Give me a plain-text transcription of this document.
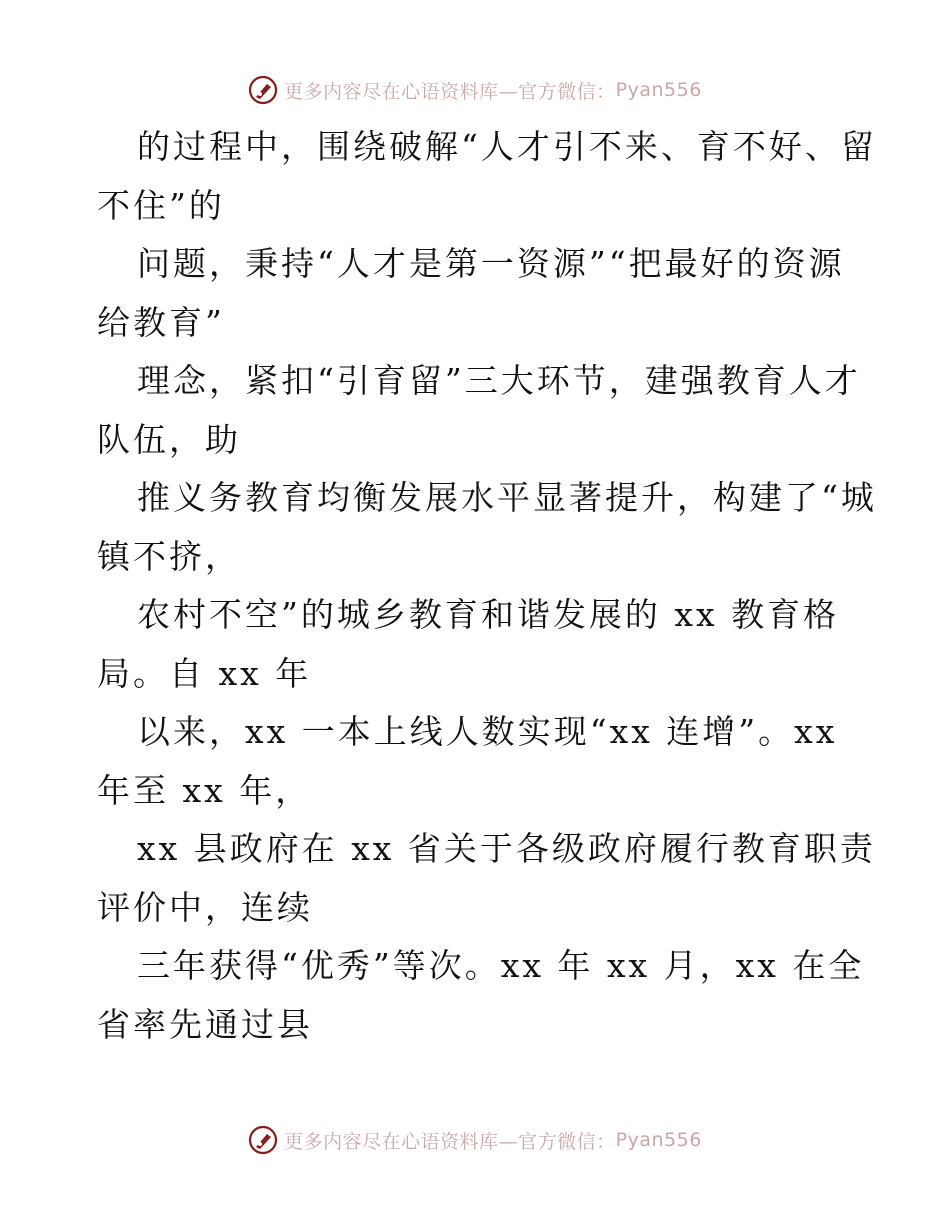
更多内容尽在心语资料库—官方微信： Pyan556
的过程中，围绕破解“人才引不来、育不好、留
不住”的
问题，秉持“人才是第一资源”“把最好的资源
给教育”
理念，紧扣“引育留”三大环节，建强教育人才
队伍，助
推义务教育均衡发展水平显著提升，构建了“城
镇不挤，
农村不空”的城乡教育和谐发展的 xx 教育格
局。自 xx 年
以来，xx 一本上线人数实现“xx 连增”。xx
年至 xx 年，
xx 县政府在 xx 省关于各级政府履行教育职责
评价中，连续
三年获得“优秀”等次。xx 年 xx 月，xx 在全
省率先通过县
更多内容尽在心语资料库—官方微信： Pyan556
